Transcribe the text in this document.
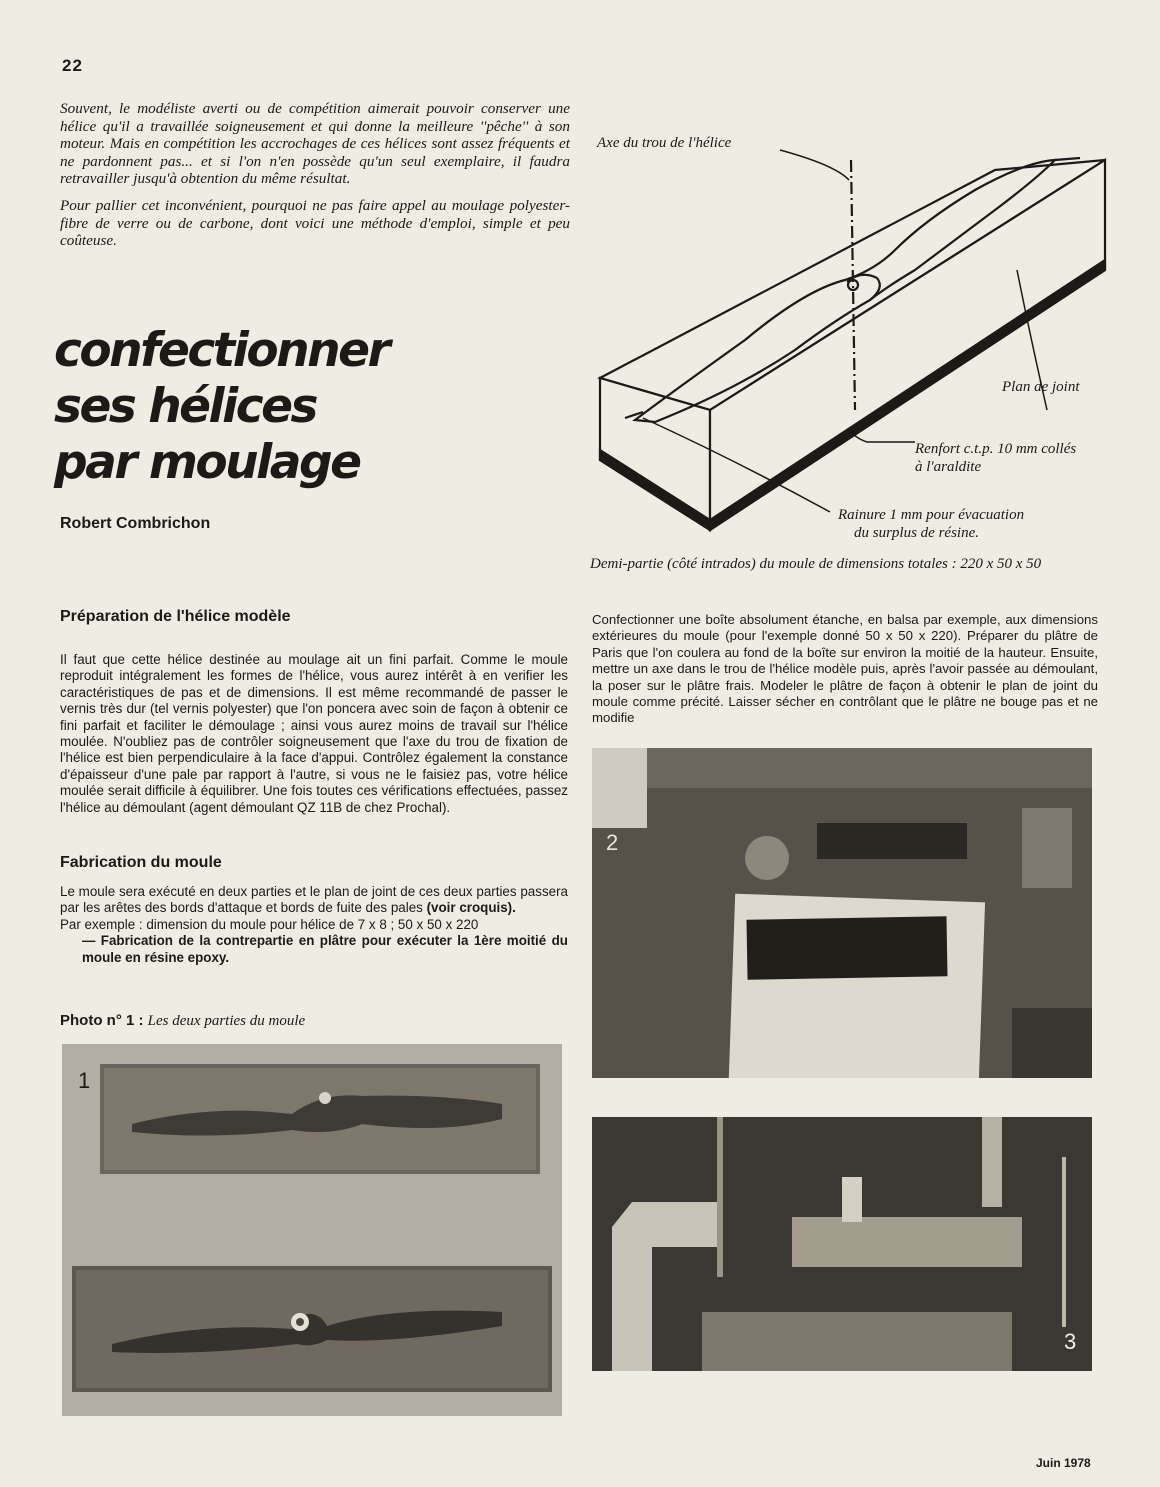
22

Souvent, le modéliste averti ou de compétition aimerait pouvoir conserver une hélice qu'il a travaillée soigneusement et qui donne la meilleure ''pêche'' à son moteur. Mais en compétition les accrochages de ces hélices sont assez fréquents et ne pardonnent pas... et si l'on n'en possède qu'un seul exemplaire, il faudra retravailler jusqu'à obtention du même résultat.

Pour pallier cet inconvénient, pourquoi ne pas faire appel au moulage polyester-fibre de verre ou de carbone, dont voici une méthode d'emploi, simple et peu coûteuse.

confectionner
ses hélices
par moulage
Robert Combrichon
Préparation de l'hélice modèle
Il faut que cette hélice destinée au moulage ait un fini parfait. Comme le moule reproduit intégralement les formes de l'hélice, vous aurez intérêt à en verifier les caractéristiques de pas et de dimensions. Il est même recommandé de passer le vernis très dur (tel vernis polyester) que l'on poncera avec soin de façon à obtenir ce fini parfait et faciliter le démoulage ; ainsi vous aurez moins de travail sur l'hélice moulée. N'oubliez pas de contrôler soigneusement que l'axe du trou de fixation de l'hélice est bien perpendiculaire à la face d'appui. Contrôlez également la constance d'épaisseur d'une pale par rapport à l'autre, si vous ne le faisiez pas, votre hélice moulée serait difficile à équilibrer. Une fois toutes ces vérifications effectuées, passez l'hélice au démoulant (agent démoulant QZ 11B de chez Prochal).
Fabrication du moule

Le moule sera exécuté en deux parties et le plan de joint de ces deux parties passera par les arêtes des bords d'attaque et bords de fuite des pales (voir croquis).

Par exemple : dimension du moule pour hélice de 7 x 8 ; 50 x 50 x 220

— Fabrication de la contrepartie en plâtre pour exécuter la 1ère moitié du moule en résine epoxy.

Photo n° 1 : Les deux parties du moule
1
Axe du trou de l'hélice
Plan de joint
Renfort c.t.p. 10 mm collés
à l'araldite
Rainure 1 mm pour évacuation
du surplus de résine.
Demi-partie (côté intrados) du moule de dimensions totales : 220 x 50 x 50
Confectionner une boîte absolument étanche, en balsa par exemple, aux dimensions extérieures du moule (pour l'exemple donné 50 x 50 x 220). Préparer du plâtre de Paris que l'on coulera au fond de la boîte sur environ la moitié de la hauteur. Ensuite, mettre un axe dans le trou de l'hélice modèle puis, après l'avoir passée au démoulant, la poser sur le plâtre frais. Modeler le plâtre de façon à obtenir le plan de joint du moule comme précité. Laisser sécher en contrôlant que le plâtre ne bouge pas et ne modifie
2
3
Juin 1978
